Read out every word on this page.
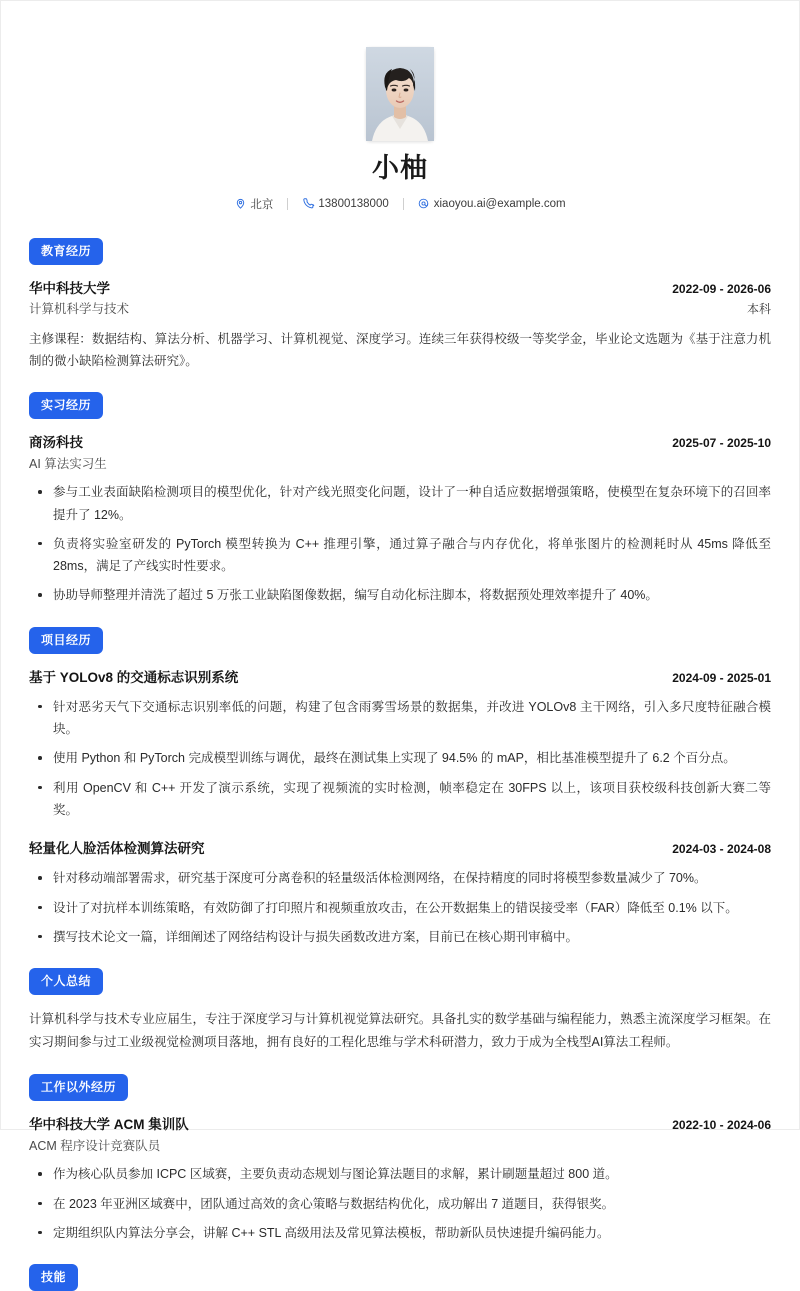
小柚
北京	13800138000	xiaoyou.ai@example.com
教育经历
华中科技大学	2022-09 - 2026-06
计算机科学与技术	本科

主修课程：数据结构、算法分析、机器学习、计算机视觉、深度学习。连续三年获得校级一等奖学金，毕业论文选题为《基于注意力机制的微小缺陷检测算法研究》。

实习经历
商汤科技	2025-07 - 2025-10
AI 算法实习生
参与工业表面缺陷检测项目的模型优化，针对产线光照变化问题，设计了一种自适应数据增强策略，使模型在复杂环境下的召回率提升了 12%。
负责将实验室研发的 PyTorch 模型转换为 C++ 推理引擎，通过算子融合与内存优化，将单张图片的检测耗时从 45ms 降低至 28ms，满足了产线实时性要求。
协助导师整理并清洗了超过 5 万张工业缺陷图像数据，编写自动化标注脚本，将数据预处理效率提升了 40%。
项目经历
基于 YOLOv8 的交通标志识别系统	2024-09 - 2025-01
针对恶劣天气下交通标志识别率低的问题，构建了包含雨雾雪场景的数据集，并改进 YOLOv8 主干网络，引入多尺度特征融合模块。
使用 Python 和 PyTorch 完成模型训练与调优，最终在测试集上实现了 94.5% 的 mAP，相比基准模型提升了 6.2 个百分点。
利用 OpenCV 和 C++ 开发了演示系统，实现了视频流的实时检测，帧率稳定在 30FPS 以上，该项目获校级科技创新大赛二等奖。
轻量化人脸活体检测算法研究	2024-03 - 2024-08
针对移动端部署需求，研究基于深度可分离卷积的轻量级活体检测网络，在保持精度的同时将模型参数量减少了 70%。
设计了对抗样本训练策略，有效防御了打印照片和视频重放攻击，在公开数据集上的错误接受率（FAR）降低至 0.1% 以下。
撰写技术论文一篇，详细阐述了网络结构设计与损失函数改进方案，目前已在核心期刊审稿中。
个人总结

计算机科学与技术专业应届生，专注于深度学习与计算机视觉算法研究。具备扎实的数学基础与编程能力，熟悉主流深度学习框架。在实习期间参与过工业级视觉检测项目落地，拥有良好的工程化思维与学术科研潜力，致力于成为全栈型AI算法工程师。

工作以外经历
华中科技大学 ACM 集训队	2022-10 - 2024-06
ACM 程序设计竞赛队员
作为核心队员参加 ICPC 区域赛，主要负责动态规划与图论算法题目的求解，累计刷题量超过 800 道。
在 2023 年亚洲区域赛中，团队通过高效的贪心策略与数据结构优化，成功解出 7 道题目，获得银奖。
定期组织队内算法分享会，讲解 C++ STL 高级用法及常见算法模板，帮助新队员快速提升编码能力。
技能
